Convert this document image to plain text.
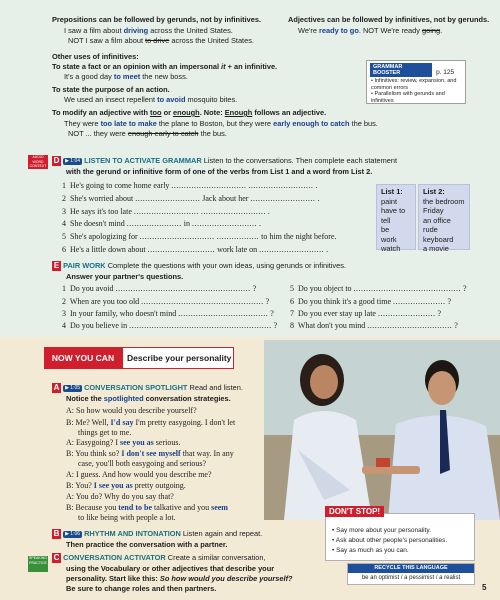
Prepositions can be followed by gerunds, not by infinitives.
I saw a film about driving across the United States.
NOT I saw a film about to drive across the United States.
Adjectives can be followed by infinitives, not by gerunds.
We're ready to go. NOT We're ready going.
Other uses of infinitives:
To state a fact or an opinion with an impersonal it + an infinitive.
It's a good day to meet the new boss.
To state the purpose of an action.
We used an insect repellent to avoid mosquito bites.
To modify an adjective with too or enough. Note: Enough follows an adjective.
They were too late to make the plane to Boston, but they were early enough to catch the bus.
NOT ... they were enough early to catch the bus.
GRAMMAR BOOSTER	p. 125
• Infinitives: review, expansion, and common errors
• Parallelism with gerunds and infinitives
AUDIO WORD CONTEXT
D ▶ 1:04 LISTEN TO ACTIVATE GRAMMAR Listen to the conversations. Then complete each statement
with the gerund or infinitive form of one of the verbs from List 1 and a word from List 2.
1  He's going to come home early .............................. .......................... .
2  She's worried about .......................... Jack about her .......................... .
3  He says it's too late .......................... .......................... .
4  She doesn't mind ...................... in .......................... .
5  She's apologizing for .............................. ................. to him the night before.
6  He's a little down about ........................... work late on .......................... .
List 1:
paint
have to
tell
be
work
watch
List 2:
the bedroom
Friday
an office
rude
keyboard
a movie
E PAIR WORK Complete the questions with your own ideas, using gerunds or infinitives.
Answer your partner's questions.
1  Do you avoid ...................................................... ?
2  When are you too old ................................................. ?
3  In your family, who doesn't mind .................................... ?
4  Do you believe in ......................................................... ?
5  Do you object to ........................................... ?
6  Do you think it's a good time ..................... ?
7  Do you ever stay up late ....................... ?
8  What don't you mind .................................. ?
NOW YOU CAN	Describe your personality
A ▶ 1:05 CONVERSATION SPOTLIGHT Read and listen.
Notice the spotlighted conversation strategies.
A: So how would you describe yourself?
B: Me? Well, I'd say I'm pretty easygoing. I don't let
things get to me.
A: Easygoing? I see you as serious.
B: You think so? I don't see myself that way. In any
case, you'll both easygoing and serious?
A: I guess. And how would you describe me?
B: You? I see you as pretty outgoing.
A: You do? Why do you say that?
B: Because you tend to be talkative and you seem
to like being with people a lot.
B ▶ 1:06 RHYTHM AND INTONATION Listen again and repeat.
Then practice the conversation with a partner.
SPEAKING PRACTICE
C CONVERSATION ACTIVATOR Create a similar conversation,
using the Vocabulary or other adjectives that describe your
personality. Start like this: So how would you describe yourself?
Be sure to change roles and then partners.
DON'T STOP!
• Say more about your personality.
• Ask about other people's personalities.
• Say as much as you can.
RECYCLE THIS LANGUAGE
be an optimist / a pessimist / a realist
5
